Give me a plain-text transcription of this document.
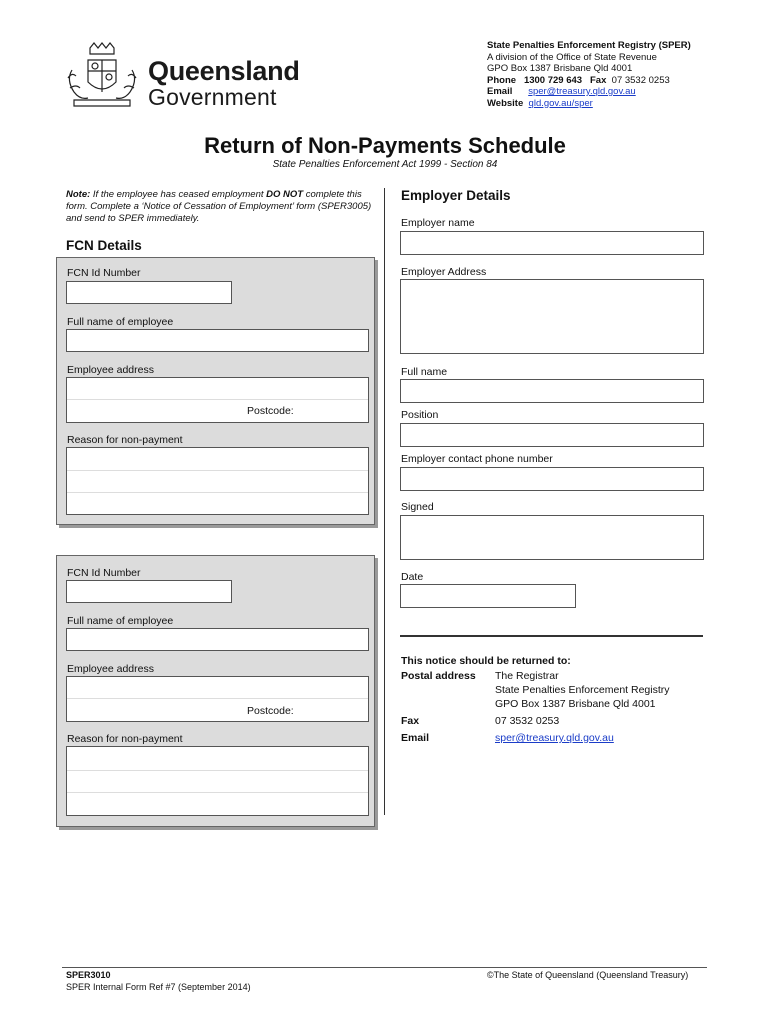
Queensland
Government
State Penalties Enforcement Registry (SPER)
A division of the Office of State Revenue
GPO Box 1387 Brisbane Qld 4001
Phone 1300 729 643 Fax 07 3532 0253
Email sper@treasury.qld.gov.au
Website qld.gov.au/sper
Return of Non-Payments Schedule
State Penalties Enforcement Act 1999 - Section 84
Note: If the employee has ceased employment DO NOT complete this form. Complete a ‘Notice of Cessation of Employment’ form (SPER3005) and send to SPER immediately.
FCN Details
FCN Id Number
Full name of employee
Employee address
Postcode:
Reason for non-payment
FCN Id Number
Full name of employee
Employee address
Postcode:
Reason for non-payment
Employer Details
Employer name
Employer Address
Full name
Position
Employer contact phone number
Signed
Date
This notice should be returned to:
Postal address The Registrar
State Penalties Enforcement Registry
GPO Box 1387 Brisbane Qld 4001
Fax	07 3532 0253
Email	sper@treasury.qld.gov.au
SPER3010
SPER Internal Form Ref #7 (September 2014)
©The State of Queensland (Queensland Treasury)
